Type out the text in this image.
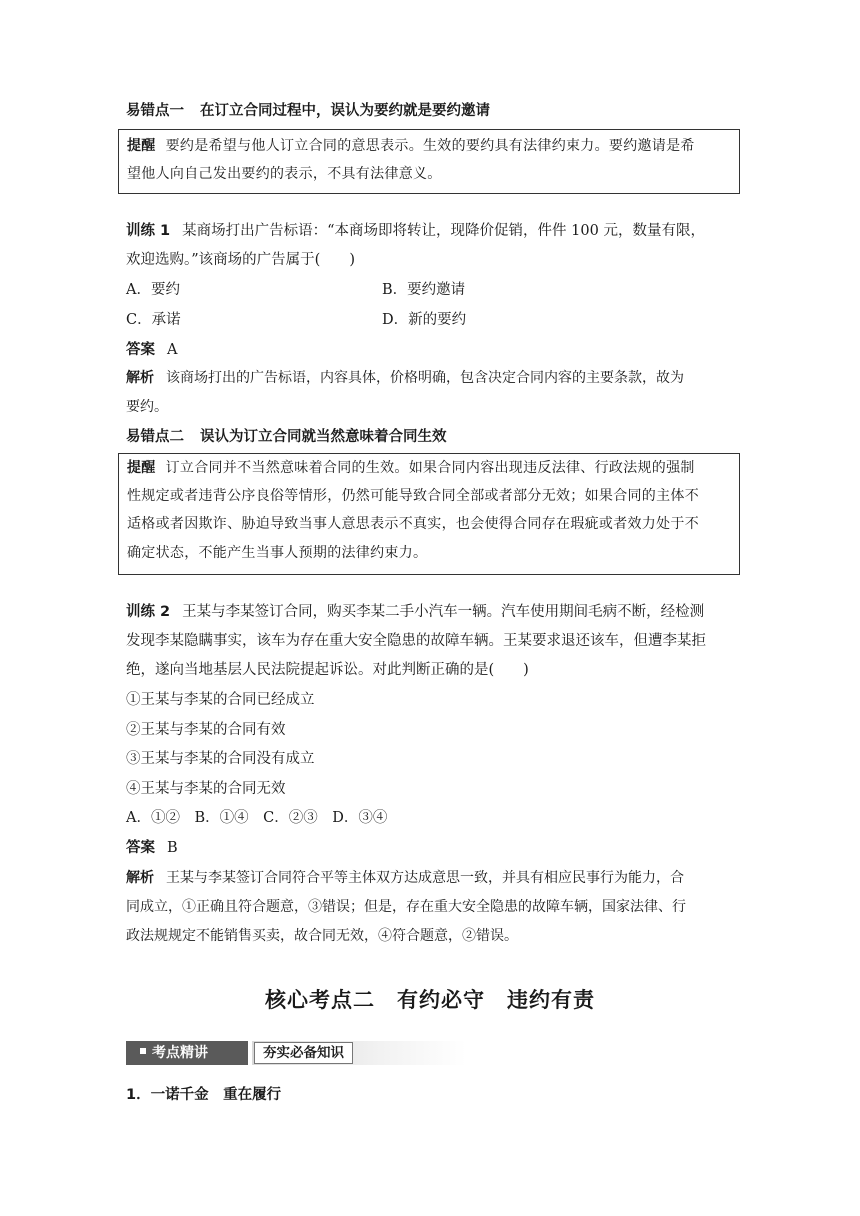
易错点一 在订立合同过程中，误认为要约就是要约邀请
提醒 要约是希望与他人订立合同的意思表示。生效的要约具有法律约束力。要约邀请是希
望他人向自己发出要约的表示，不具有法律意义。
训练 1 某商场打出广告标语：“本商场即将转让，现降价促销，件件 100 元，数量有限，
欢迎选购。”该商场的广告属于(　　)
A．要约	B．要约邀请
C．承诺	D．新的要约
答案 A
解析 该商场打出的广告标语，内容具体，价格明确，包含决定合同内容的主要条款，故为
要约。
易错点二 误认为订立合同就当然意味着合同生效
提醒 订立合同并不当然意味着合同的生效。如果合同内容出现违反法律、行政法规的强制
性规定或者违背公序良俗等情形，仍然可能导致合同全部或者部分无效；如果合同的主体不
适格或者因欺诈、胁迫导致当事人意思表示不真实，也会使得合同存在瑕疵或者效力处于不
确定状态，不能产生当事人预期的法律约束力。
训练 2 王某与李某签订合同，购买李某二手小汽车一辆。汽车使用期间毛病不断，经检测
发现李某隐瞒事实，该车为存在重大安全隐患的故障车辆。王某要求退还该车，但遭李某拒
绝，遂向当地基层人民法院提起诉讼。对此判断正确的是(　　)
①王某与李某的合同已经成立
②王某与李某的合同有效
③王某与李某的合同没有成立
④王某与李某的合同无效
A．①②　B．①④　C．②③　D．③④
答案 B
解析 王某与李某签订合同符合平等主体双方达成意思一致，并具有相应民事行为能力，合
同成立，①正确且符合题意，③错误；但是，存在重大安全隐患的故障车辆，国家法律、行
政法规规定不能销售买卖，故合同无效，④符合题意，②错误。
核心考点二　有约必守　违约有责
考点精讲	夯实必备知识
1．一诺千金　重在履行
